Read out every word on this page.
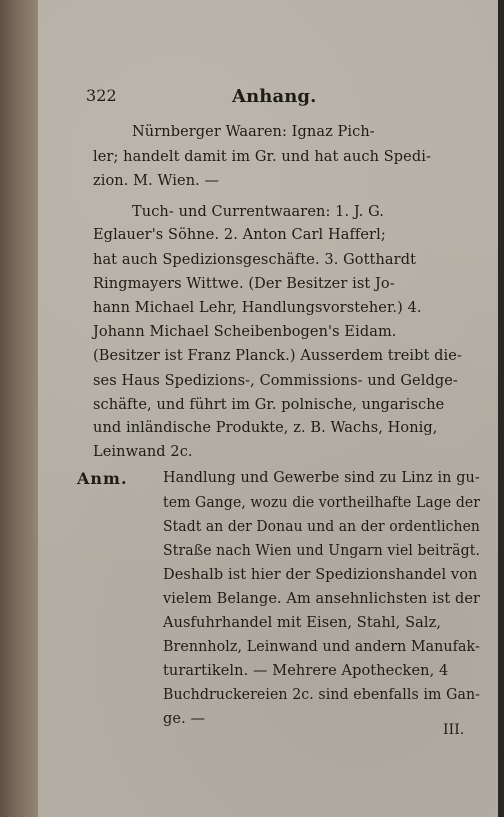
322	Anhang.
Nürnberger Waaren: Ignaz Pich-
ler; handelt damit im Gr. und hat auch Spedi-
zion. M. Wien. —
Tuch- und Currentwaaren: 1. J. G.
Eglauer's Söhne. 2. Anton Carl Hafferl;
hat auch Spedizionsgeschäfte. 3. Gotthardt
Ringmayers Wittwe. (Der Besitzer ist Jo-
hann Michael Lehr, Handlungsvorsteher.) 4.
Johann Michael Scheibenbogen's Eidam.
(Besitzer ist Franz Planck.) Ausserdem treibt die-
ses Haus Spedizions-, Commissions- und Geldge-
schäfte, und führt im Gr. polnische, ungarische
und inländische Produkte, z. B. Wachs, Honig,
Leinwand 2c.
Anm. Handlung und Gewerbe sind zu Linz in gu-
tem Gange, wozu die vortheilhafte Lage der
Stadt an der Donau und an der ordentlichen
Straße nach Wien und Ungarn viel beiträgt.
Deshalb ist hier der Spedizionshandel von
vielem Belange. Am ansehnlichsten ist der
Ausfuhrhandel mit Eisen, Stahl, Salz,
Brennholz, Leinwand und andern Manufak-
turartikeln. — Mehrere Apothecken, 4
Buchdruckereien 2c. sind ebenfalls im Gan-
ge. —
III.
